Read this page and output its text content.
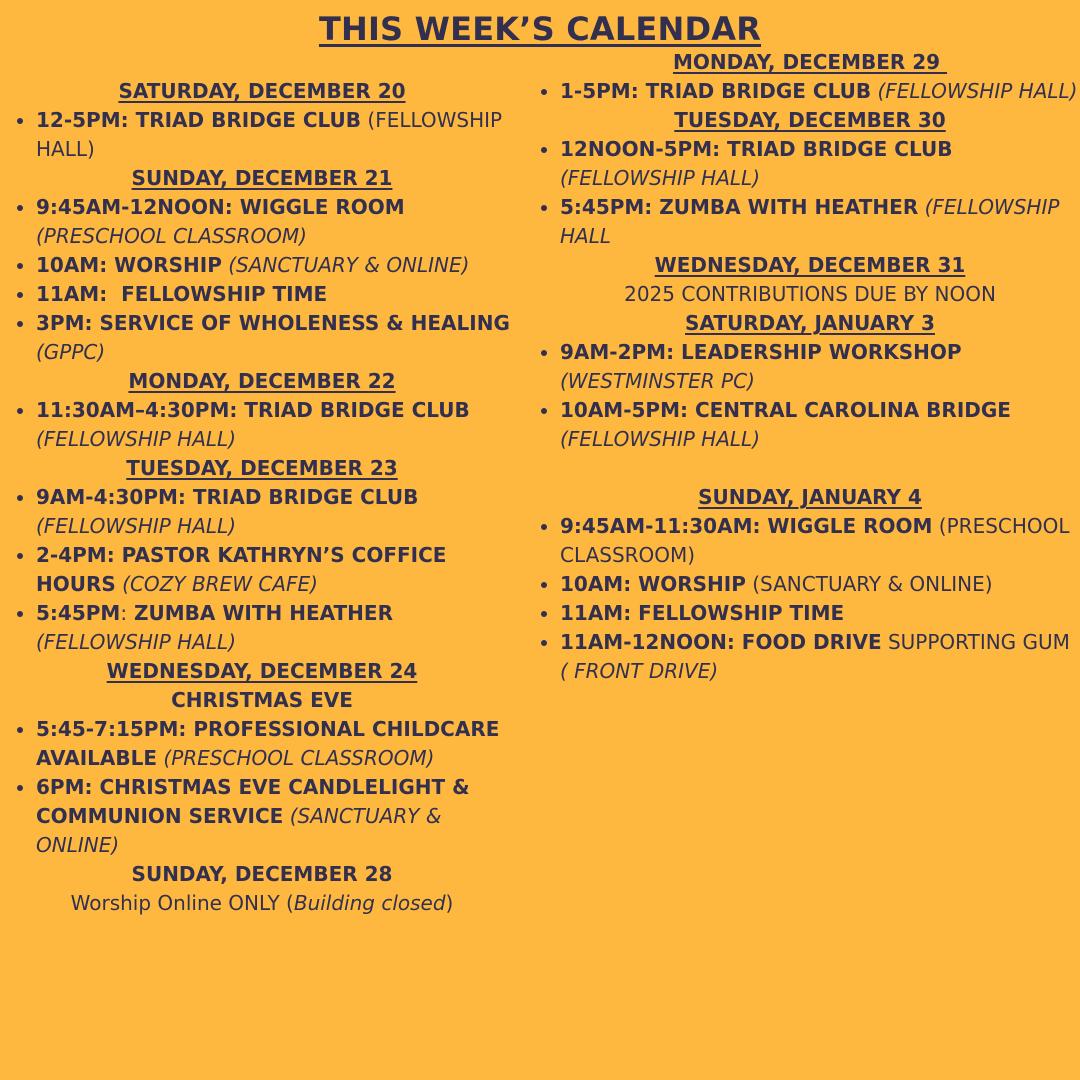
THIS WEEK’S CALENDAR
SATURDAY, DECEMBER 20
12-5PM: TRIAD BRIDGE CLUB (FELLOWSHIP HALL)
SUNDAY, DECEMBER 21
9:45AM-12NOON: WIGGLE ROOM (PRESCHOOL CLASSROOM)
10AM: WORSHIP (SANCTUARY & ONLINE)
11AM:  FELLOWSHIP TIME
3PM: SERVICE OF WHOLENESS & HEALING (GPPC)
MONDAY, DECEMBER 22
11:30AM–4:30PM: TRIAD BRIDGE CLUB (FELLOWSHIP HALL)
TUESDAY, DECEMBER 23
9AM-4:30PM: TRIAD BRIDGE CLUB (FELLOWSHIP HALL)
2-4PM: PASTOR KATHRYN’S COFFICE HOURS (COZY BREW CAFE)
5:45PM: ZUMBA WITH HEATHER (FELLOWSHIP HALL)
WEDNESDAY, DECEMBER 24
CHRISTMAS EVE
5:45-7:15PM: PROFESSIONAL CHILDCARE AVAILABLE (PRESCHOOL CLASSROOM)
6PM: CHRISTMAS EVE CANDLELIGHT & COMMUNION SERVICE (SANCTUARY & ONLINE)
SUNDAY, DECEMBER 28
Worship Online ONLY (Building closed)
MONDAY, DECEMBER 29
1-5PM: TRIAD BRIDGE CLUB (FELLOWSHIP HALL)
TUESDAY, DECEMBER 30
12NOON-5PM: TRIAD BRIDGE CLUB (FELLOWSHIP HALL)
5:45PM: ZUMBA WITH HEATHER (FELLOWSHIP
HALL
WEDNESDAY, DECEMBER 31
2025 CONTRIBUTIONS DUE BY NOON
SATURDAY, JANUARY 3
9AM-2PM: LEADERSHIP WORKSHOP (WESTMINSTER PC)
10AM-5PM: CENTRAL CAROLINA BRIDGE (FELLOWSHIP HALL)
SUNDAY, JANUARY 4
9:45AM-11:30AM: WIGGLE ROOM (PRESCHOOL
CLASSROOM)
10AM: WORSHIP (SANCTUARY & ONLINE)
11AM: FELLOWSHIP TIME
11AM-12NOON: FOOD DRIVE SUPPORTING GUM
( FRONT DRIVE)
